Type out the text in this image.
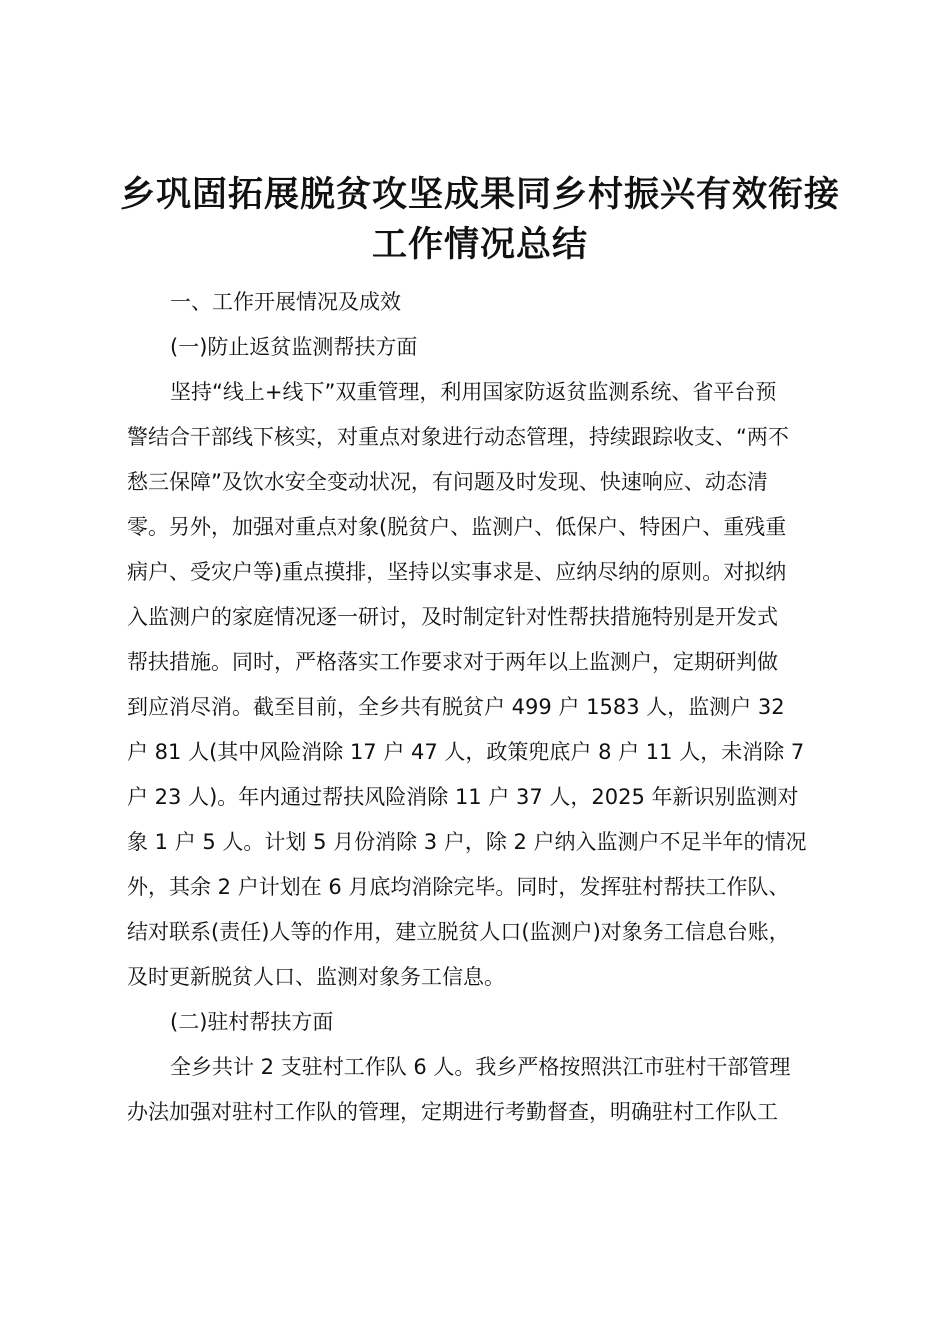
乡巩固拓展脱贫攻坚成果同乡村振兴有效衔接
工作情况总结
一、工作开展情况及成效
(一)防止返贫监测帮扶方面
坚持“线上+线下”双重管理，利用国家防返贫监测系统、省平台预
警结合干部线下核实，对重点对象进行动态管理，持续跟踪收支、“两不
愁三保障”及饮水安全变动状况，有问题及时发现、快速响应、动态清
零。另外，加强对重点对象(脱贫户、监测户、低保户、特困户、重残重
病户、受灾户等)重点摸排，坚持以实事求是、应纳尽纳的原则。对拟纳
入监测户的家庭情况逐一研讨，及时制定针对性帮扶措施特别是开发式
帮扶措施。同时，严格落实工作要求对于两年以上监测户，定期研判做
到应消尽消。截至目前，全乡共有脱贫户 499 户 1583 人，监测户 32
户 81 人(其中风险消除 17 户 47 人，政策兜底户 8 户 11 人，未消除 7
户 23 人)。年内通过帮扶风险消除 11 户 37 人，2025 年新识别监测对
象 1 户 5 人。计划 5 月份消除 3 户，除 2 户纳入监测户不足半年的情况
外，其余 2 户计划在 6 月底均消除完毕。同时，发挥驻村帮扶工作队、
结对联系(责任)人等的作用，建立脱贫人口(监测户)对象务工信息台账，
及时更新脱贫人口、监测对象务工信息。
(二)驻村帮扶方面
全乡共计 2 支驻村工作队 6 人。我乡严格按照洪江市驻村干部管理
办法加强对驻村工作队的管理，定期进行考勤督查，明确驻村工作队工
